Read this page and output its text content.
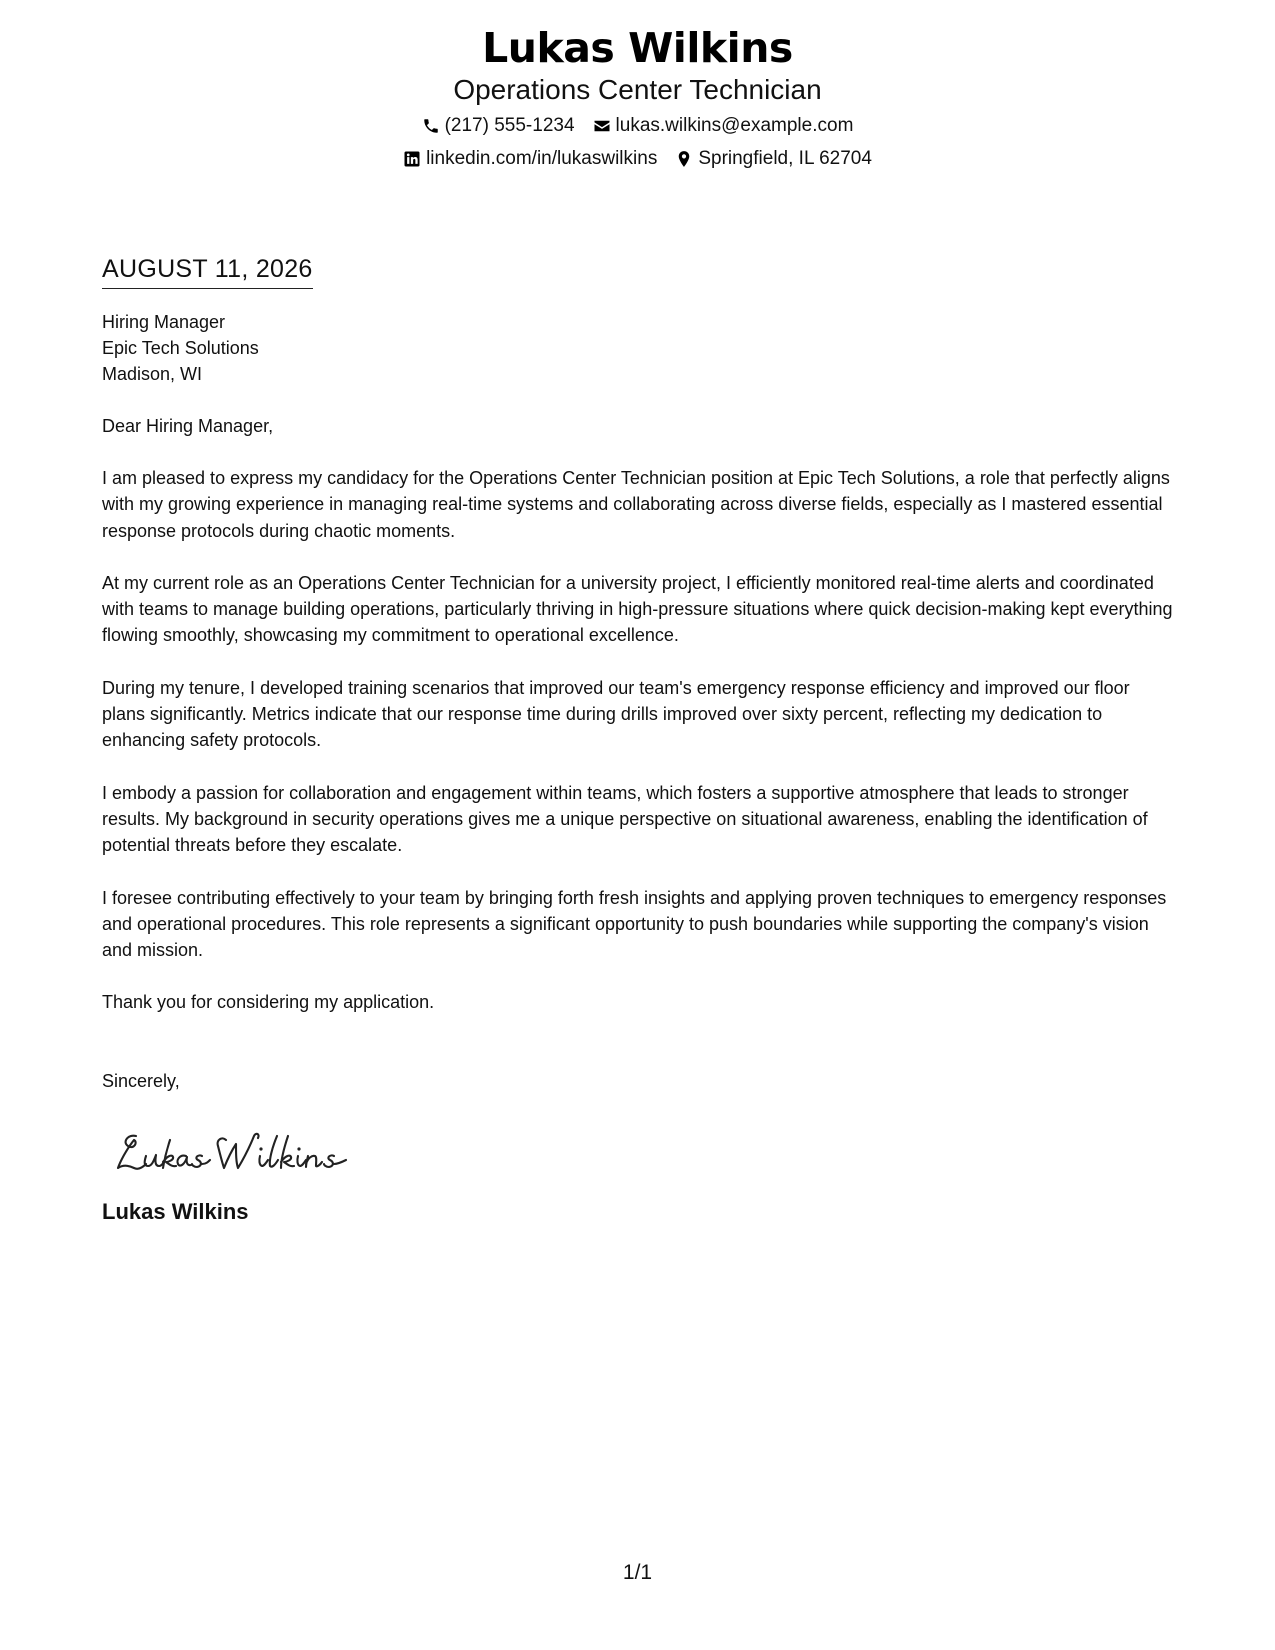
Lukas Wilkins
Operations Center Technician
(217) 555-1234 lukas.wilkins@example.com
linkedin.com/in/lukaswilkins Springfield, IL 62704
AUGUST 11, 2026
Hiring Manager
Epic Tech Solutions
Madison, WI
Dear Hiring Manager,
I am pleased to express my candidacy for the Operations Center Technician position at Epic Tech Solutions, a role that perfectly aligns with my growing experience in managing real-time systems and collaborating across diverse fields, especially as I mastered essential response protocols during chaotic moments.
At my current role as an Operations Center Technician for a university project, I efficiently monitored real-time alerts and coordinated with teams to manage building operations, particularly thriving in high-pressure situations where quick decision-making kept everything flowing smoothly, showcasing my commitment to operational excellence.
During my tenure, I developed training scenarios that improved our team's emergency response efficiency and improved our floor plans significantly. Metrics indicate that our response time during drills improved over sixty percent, reflecting my dedication to enhancing safety protocols.
I embody a passion for collaboration and engagement within teams, which fosters a supportive atmosphere that leads to stronger results. My background in security operations gives me a unique perspective on situational awareness, enabling the identification of potential threats before they escalate.
I foresee contributing effectively to your team by bringing forth fresh insights and applying proven techniques to emergency responses and operational procedures. This role represents a significant opportunity to push boundaries while supporting the company's vision and mission.
Thank you for considering my application.
Sincerely,
Lukas Wilkins
1/1
